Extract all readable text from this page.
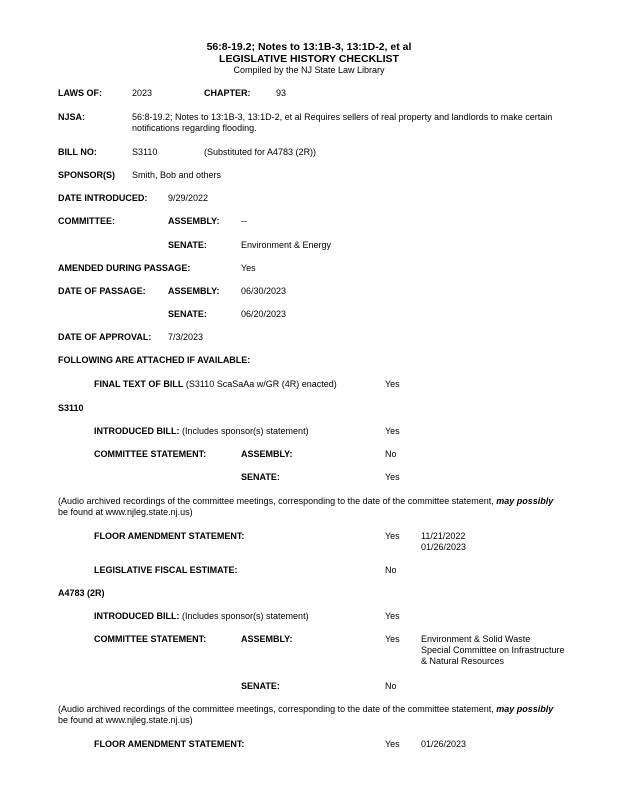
56:8-19.2; Notes to 13:1B-3, 13:1D-2, et al
LEGISLATIVE HISTORY CHECKLIST
Compiled by the NJ State Law Library
LAWS OF:	2023	CHAPTER:	93
NJSA:	56:8-19.2; Notes to 13:1B-3, 13:1D-2, et al Requires sellers of real property and landlords to make certain
notifications regarding flooding.
BILL NO:	S3110	(Substituted for A4783 (2R))
SPONSOR(S) Smith, Bob and others
DATE INTRODUCED: 9/29/2022
COMMITTEE:	ASSEMBLY: --
SENATE:	Environment & Energy
AMENDED DURING PASSAGE:	Yes
DATE OF PASSAGE: ASSEMBLY: 06/30/2023
SENATE:	06/20/2023
DATE OF APPROVAL: 7/3/2023
FOLLOWING ARE ATTACHED IF AVAILABLE:
FINAL TEXT OF BILL (S3110 ScaSaAa w/GR (4R) enacted)	Yes
S3110
INTRODUCED BILL: (Includes sponsor(s) statement)	Yes
COMMITTEE STATEMENT:	ASSEMBLY:	No
SENATE:	Yes
(Audio archived recordings of the committee meetings, corresponding to the date of the committee statement, may possibly
be found at www.njleg.state.nj.us)
FLOOR AMENDMENT STATEMENT:	Yes 11/21/2022
01/26/2023
LEGISLATIVE FISCAL ESTIMATE:	No
A4783 (2R)
INTRODUCED BILL: (Includes sponsor(s) statement)	Yes
COMMITTEE STATEMENT:	ASSEMBLY:	Yes Environment & Solid Waste
Special Committee on Infrastructure
& Natural Resources
SENATE:	No
(Audio archived recordings of the committee meetings, corresponding to the date of the committee statement, may possibly
be found at www.njleg.state.nj.us)
FLOOR AMENDMENT STATEMENT:	Yes 01/26/2023
